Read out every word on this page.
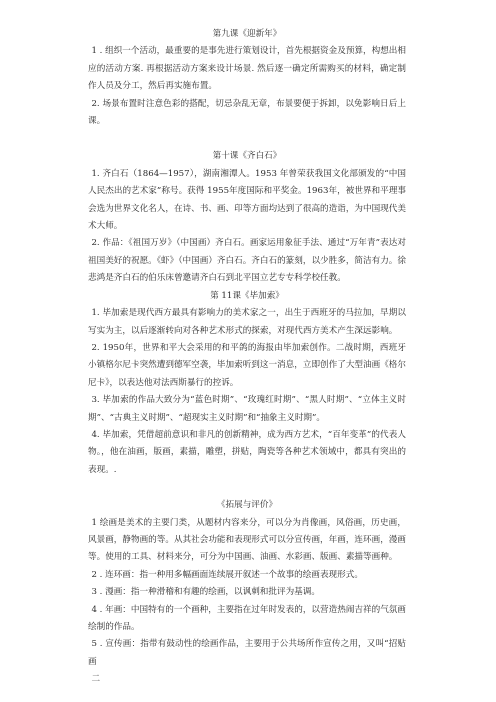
第九课《迎新年》
1 . 组织一个活动，最重要的是事先进行策划设计，首先根据资金及预算，构想出相应的活动方案. 再根据活动方案来设计场景. 然后逐一确定所需购买的材料，确定制作人员及分工，然后再实施布置。
2. 场景布置时注意色彩的搭配，切忌杂乱无章，布景要便于拆卸，以免影响日后上课。
第十课《齐白石》
1. 齐白石（1864—1957），湖南湘潭人。1953 年曾荣获我国文化部颁发的“中国人民杰出的艺术家”称号。获得 1955年度国际和平奖金。1963年，被世界和平理事会选为世界文化名人，在诗、书、画、印等方面均达到了很高的造诣，为中国现代美术大师。
2. 作品：《祖国万岁》（中国画）齐白石。画家运用象征手法、通过“万年青”表达对祖国美好的祝愿。《虾》（中国画）齐白石。齐白石的篆刻，以少胜多，简洁有力。徐悲鸿是齐白石的伯乐床曾邀请齐白石到北平国立艺专专科学校任教。
第 11课《毕加索》
1. 毕加索是现代西方最具有影响力的美术家之一，出生于西班牙的马拉加，早期以写实为主，以后逐渐转向对各种艺术形式的探索，对现代西方美术产生深远影响。
2. 1950年，世界和平大会采用的和平鸽的海报由毕加索创作。二战时期，西班牙小镇格尔尼卡突然遭到德军空袭，毕加索听到这一消息，立即创作了大型油画《格尔尼卡》，以表达他对法西斯暴行的控诉。
3. 毕加索的作品大致分为“蓝色时期”、“玫瑰红时期”、“黑人时期”、“立体主义时期”、“古典主义时期”、“超现实主义时期”和“抽象主义时期”。
4. 毕加索，凭借超前意识和非凡的创新精神，成为西方艺术，“百年变革”的代表人物。，他在油画，版画，素描，雕塑，拼贴，陶瓷等各种艺术领域中，都具有突出的表现。.
《拓展与评价》
1 绘画是美术的主要门类，从题材内容来分，可以分为肖像画，风俗画，历史画，风景画，静物画的等。从其社会功能和表现形式可以分宣传画，年画，连环画，漫画等。使用的工具、材料来分，可分为中国画、油画、水彩画、版画、素描等画种。
2 . 连环画：指一种用多幅画面连续展开叙述一个故事的绘画表现形式。
3 . 漫画：指一种滑稽和有趣的绘画，以讽刺和批评为基调。
4 . 年画：中国特有的一个画种，主要指在过年时发表的，以营造热闹吉祥的气氛画绘制的作品。
5 . 宣传画：指带有鼓动性的绘画作品，主要用于公共场所作宣传之用，又叫“招贴画
二
